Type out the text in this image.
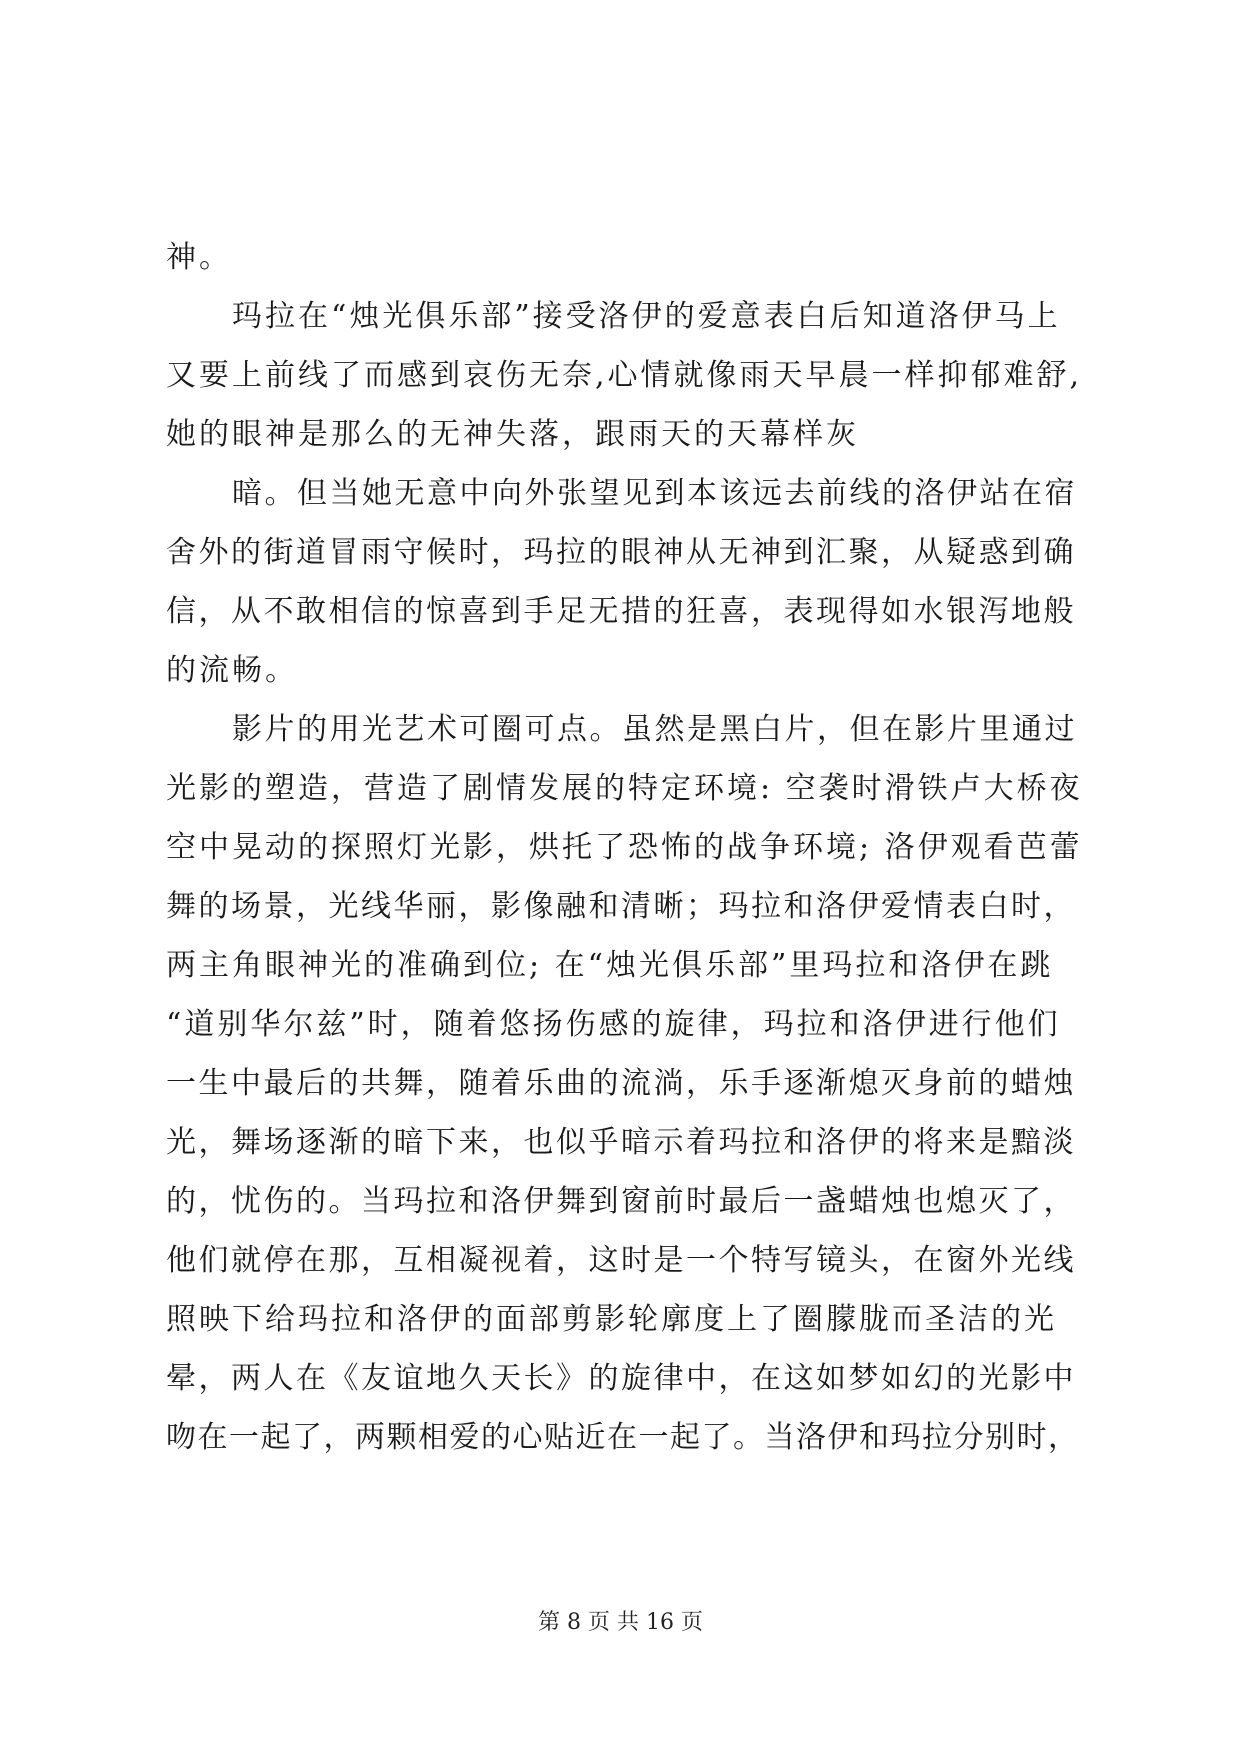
神。
玛拉在“烛光俱乐部”接受洛伊的爱意表白后知道洛伊马上
又要上前线了而感到哀伤无奈,心情就像雨天早晨一样抑郁难舒,
她的眼神是那么的无神失落，跟雨天的天幕样灰
暗。但当她无意中向外张望见到本该远去前线的洛伊站在宿
舍外的街道冒雨守候时，玛拉的眼神从无神到汇聚，从疑惑到确
信，从不敢相信的惊喜到手足无措的狂喜，表现得如水银泻地般
的流畅。
影片的用光艺术可圈可点。虽然是黑白片，但在影片里通过
光影的塑造，营造了剧情发展的特定环境: 空袭时滑铁卢大桥夜
空中晃动的探照灯光影，烘托了恐怖的战争环境; 洛伊观看芭蕾
舞的场景，光线华丽，影像融和清晰；玛拉和洛伊爱情表白时，
两主角眼神光的准确到位; 在“烛光俱乐部”里玛拉和洛伊在跳
“道别华尔兹”时，随着悠扬伤感的旋律，玛拉和洛伊进行他们
一生中最后的共舞，随着乐曲的流淌，乐手逐渐熄灭身前的蜡烛
光，舞场逐渐的暗下来，也似乎暗示着玛拉和洛伊的将来是黯淡
的，忧伤的。当玛拉和洛伊舞到窗前时最后一盏蜡烛也熄灭了，
他们就停在那，互相凝视着，这时是一个特写镜头，在窗外光线
照映下给玛拉和洛伊的面部剪影轮廓度上了圈朦胧而圣洁的光
晕，两人在《友谊地久天长》的旋律中，在这如梦如幻的光影中
吻在一起了，两颗相爱的心贴近在一起了。当洛伊和玛拉分别时，
第 8 页 共 16 页
